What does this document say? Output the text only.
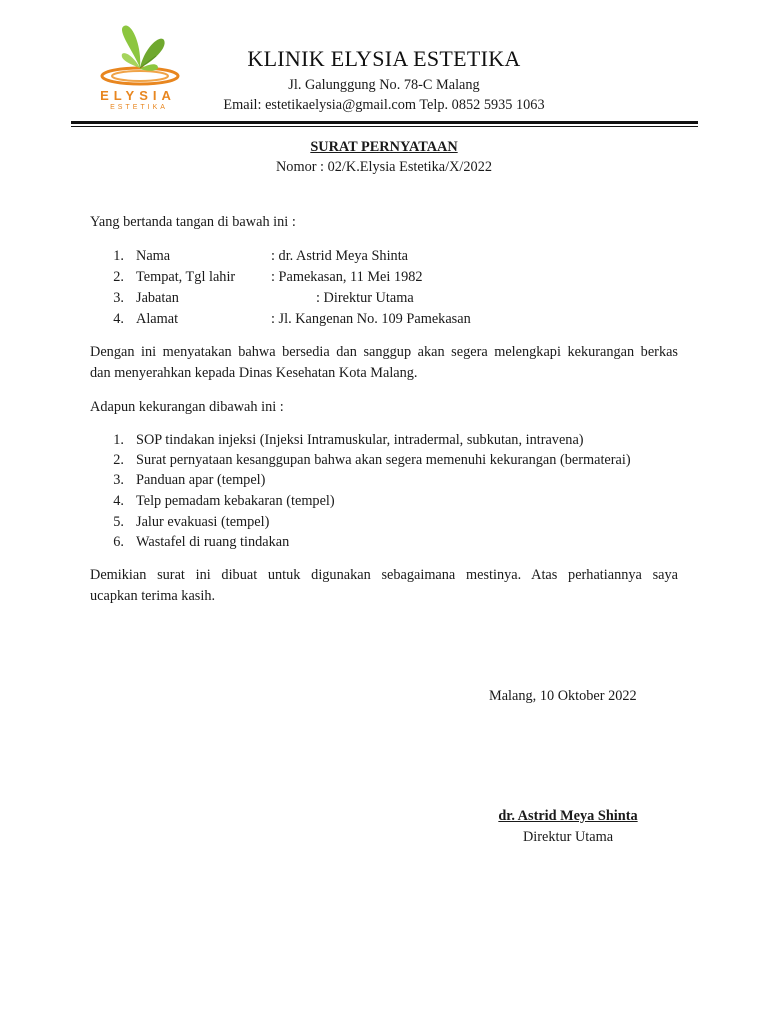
ELYSIA
ESTETIKA
KLINIK ELYSIA ESTETIKA
Jl. Galunggung No. 78-C Malang
Email: estetikaelysia@gmail.com Telp. 0852 5935 1063
SURAT PERNYATAAN
Nomor : 02/K.Elysia Estetika/X/2022
Yang bertanda tangan di bawah ini :
1. Nama	: dr. Astrid Meya Shinta
2. Tempat, Tgl lahir	: Pamekasan, 11 Mei 1982
3. Jabatan	: Direktur Utama
4. Alamat	: Jl. Kangenan No. 109 Pamekasan
Dengan ini menyatakan bahwa bersedia dan sanggup akan segera melengkapi kekurangan berkas
dan menyerahkan kepada Dinas Kesehatan Kota Malang.
Adapun kekurangan dibawah ini :
1. SOP tindakan injeksi (Injeksi Intramuskular, intradermal, subkutan, intravena)
2. Surat pernyataan kesanggupan bahwa akan segera memenuhi kekurangan (bermaterai)
3. Panduan apar (tempel)
4. Telp pemadam kebakaran (tempel)
5. Jalur evakuasi (tempel)
6. Wastafel di ruang tindakan
Demikian surat ini dibuat untuk digunakan sebagaimana mestinya. Atas perhatiannya saya
ucapkan terima kasih.
Malang, 10 Oktober 2022
dr. Astrid Meya Shinta
Direktur Utama
